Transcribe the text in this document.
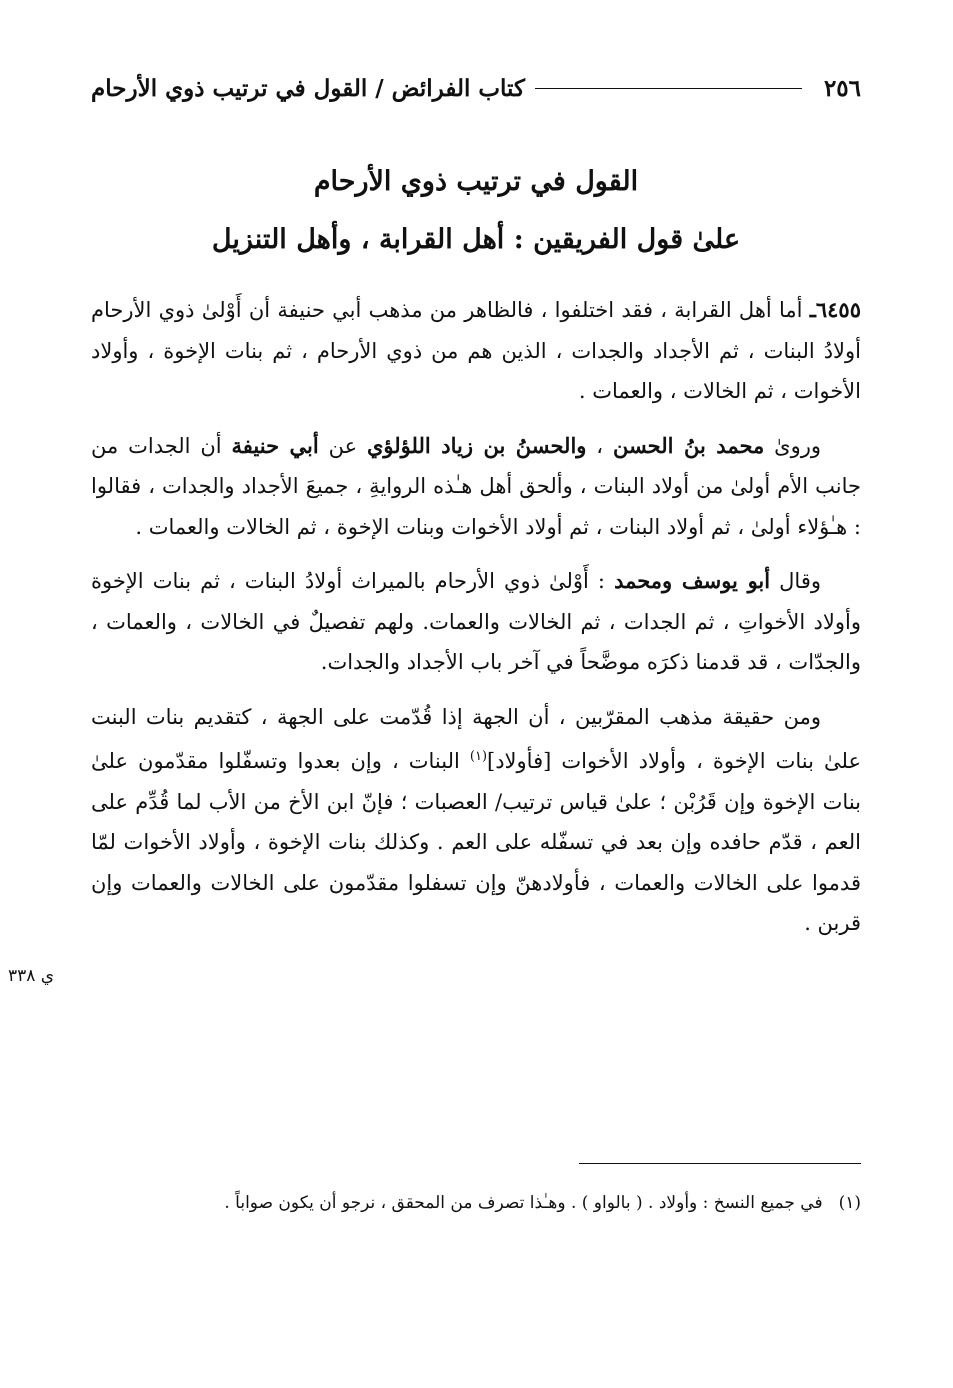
٢٥٦
كتاب الفرائض / القول في ترتيب ذوي الأرحام
القول في ترتيب ذوي الأرحام
علىٰ قول الفريقين : أهل القرابة ، وأهل التنزيل

٦٤٥٥ـ أما أهل القرابة ، فقد اختلفوا ، فالظاهر من مذهب أبي حنيفة أن أَوْلىٰ ذوي الأرحام أولادُ البنات ، ثم الأجداد والجدات ، الذين هم من ذوي الأرحام ، ثم بنات الإخوة ، وأولاد الأخوات ، ثم الخالات ، والعمات .

وروىٰ محمد بنُ الحسن ، والحسنُ بن زياد اللؤلؤي عن أبي حنيفة أن الجدات من جانب الأم أولىٰ من أولاد البنات ، وألحق أهل هـٰذه الروايةِ ، جميعَ الأجداد والجدات ، فقالوا : هـٰؤلاء أولىٰ ، ثم أولاد البنات ، ثم أولاد الأخوات وبنات الإخوة ، ثم الخالات والعمات .

وقال أبو يوسف ومحمد : أَوْلىٰ ذوي الأرحام بالميراث أولادُ البنات ، ثم بنات الإخوة وأولاد الأخواتِ ، ثم الجدات ، ثم الخالات والعمات. ولهم تفصيلٌ في الخالات ، والعمات ، والجدّات ، قد قدمنا ذكرَه موضَّحاً في آخر باب الأجداد والجدات.

ومن حقيقة مذهب المقرّبين ، أن الجهة إذا قُدّمت على الجهة ، كتقديم بنات البنت علىٰ بنات الإخوة ، وأولاد الأخوات [فأولاد]$^{(١)}$ البنات ، وإن بعدوا وتسفّلوا مقدّمون علىٰ بنات الإخوة وإن قَرُبْن ؛ علىٰ قياس ترتيب/ العصبات ؛ فإنّ ابن الأخ من الأب لما قُدِّم على العم ، قدّم حافده وإن بعد في تسفّله على العم . وكذلك بنات الإخوة ، وأولاد الأخوات لمّا قدموا على الخالات والعمات ، فأولادهنّ وإن تسفلوا مقدّمون على الخالات والعمات وإن قربن .

ي ٣٣٨
(١)في جميع النسخ : وأولاد . ( بالواو ) . وهـٰذا تصرف من المحقق ، نرجو أن يكون صواباً .
